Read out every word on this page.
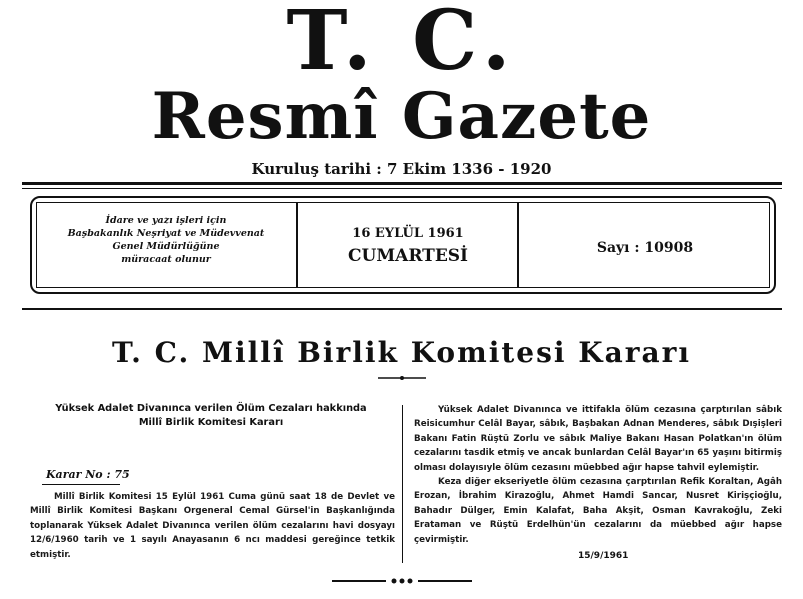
T. C.
Resmî Gazete
Kuruluş tarihi : 7 Ekim 1336 - 1920
İdare ve yazı işleri için
Başbakanlık Neşriyat ve Müdevvenat
Genel Müdürlüğüne
müracaat olunur
16 EYLÜL 1961
CUMARTESİ	Sayı : 10908
T. C. Millî Birlik Komitesi Kararı
Yüksek Adalet Divanınca verilen Ölüm Cezaları hakkında
Millî Birlik Komitesi Kararı
Karar No : 75

Millî Birlik Komitesi 15 Eylül 1961 Cuma günü saat 18 de Devlet ve Millî Birlik Komitesi Başkanı Orgeneral Cemal Gürsel'in Başkanlığında toplanarak Yüksek Adalet Divanınca verilen ölüm cezalarını havi dosyayı 12/6/1960 tarih ve 1 sayılı Anayasanın 6 ncı maddesi gereğince tetkik etmiştir.

Yüksek Adalet Divanınca ve ittifakla ölüm cezasına çarptırılan sâbık Reisicumhur Celâl Bayar, sâbık, Başbakan Adnan Menderes, sâbık Dışişleri Bakanı Fatin Rüştü Zorlu ve sâbık Maliye Bakanı Hasan Polatkan'ın ölüm cezalarını tasdik etmiş ve ancak bunlardan Celâl Bayar'ın 65 yaşını bitirmiş olması dolayısıyle ölüm cezasını müebbed ağır hapse tahvil eylemiştir.

Keza diğer ekseriyetle ölüm cezasına çarptırılan Refik Koraltan, Agâh Erozan, İbrahim Kirazoğlu, Ahmet Hamdi Sancar, Nusret Kirişçioğlu, Bahadır Dülger, Emin Kalafat, Baha Akşit, Osman Kavrakoğlu, Zeki Erataman ve Rüştü Erdelhün'ün cezalarını da müebbed ağır hapse çevirmiştir.

15/9/1961
